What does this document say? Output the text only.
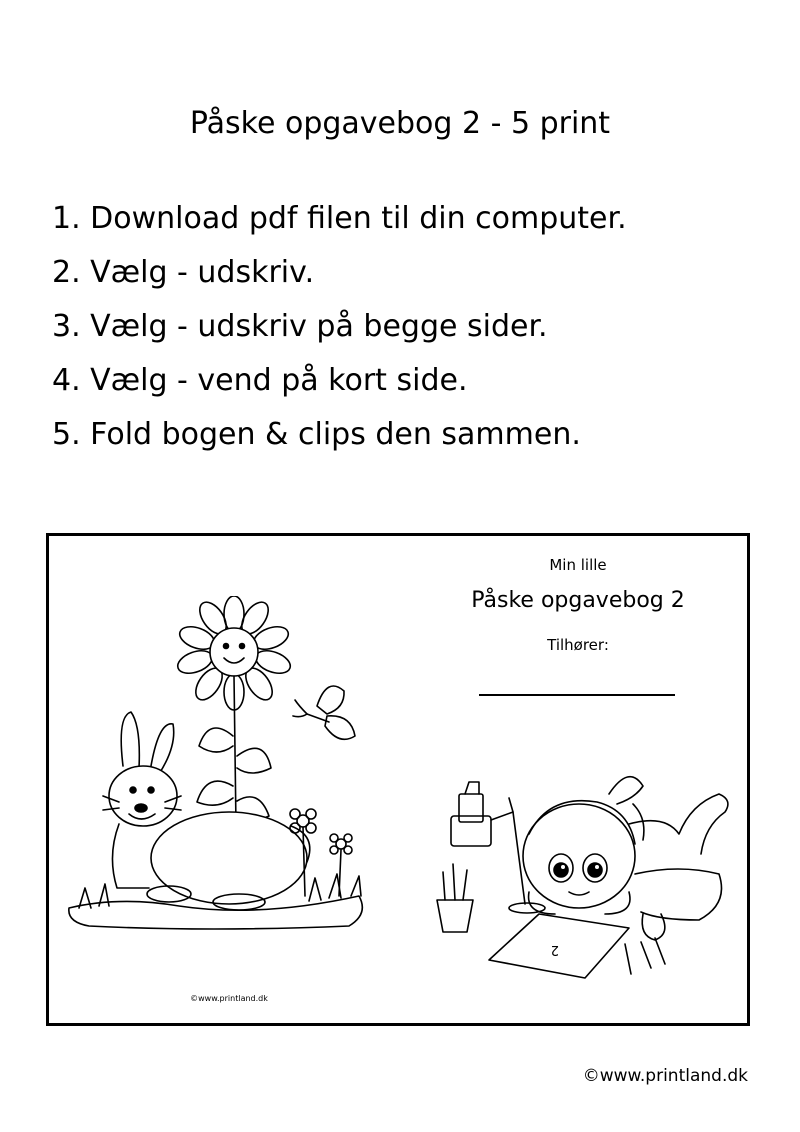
Påske opgavebog 2 - 5 print
1. Download pdf filen til din computer.
2. Vælg - udskriv.
3. Vælg - udskriv på begge sider.
4. Vælg - vend på kort side.
5. Fold bogen & clips den sammen.
©www.printland.dk
Min lille
Påske opgavebog 2
Tilhører:
2
©www.printland.dk
